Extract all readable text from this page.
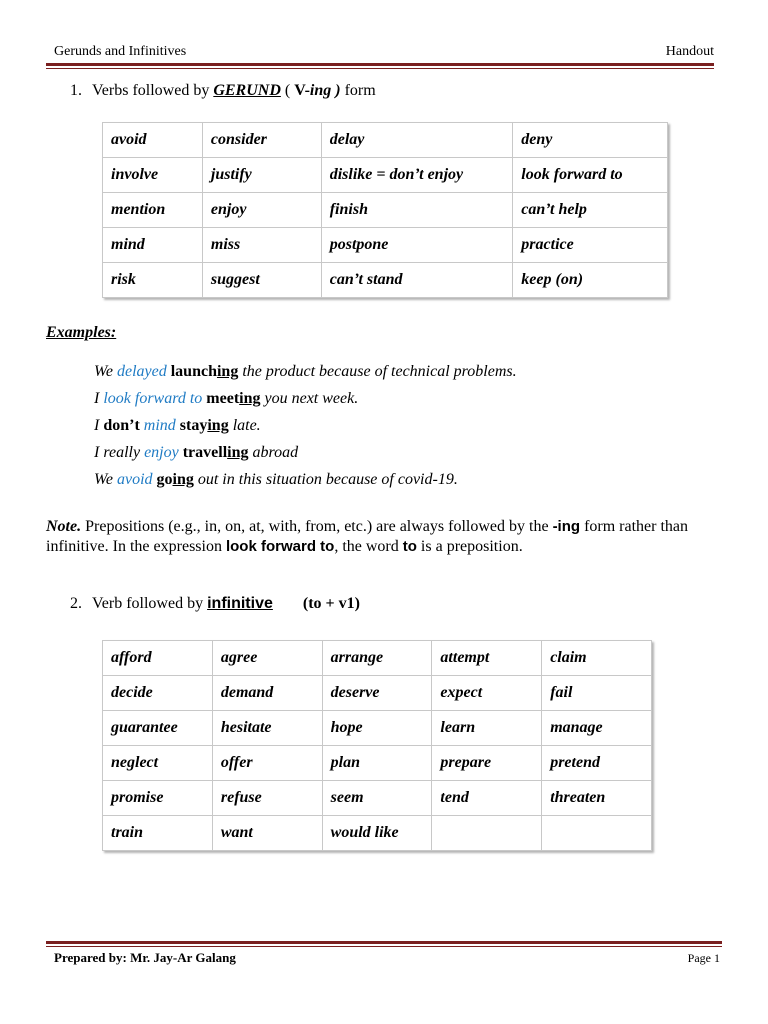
Gerunds and Infinitives	Handout
1. Verbs followed by GERUND ( V-ing ) form
avoid	consider	delay	deny
involve	justify	dislike = don’t enjoy	look forward to
mention	enjoy	finish	can’t help
mind	miss	postpone	practice
risk	suggest	can’t stand	keep (on)
Examples:
We delayed launching the product because of technical problems.
I look forward to meeting you next week.
I don’t mind staying late.
I really enjoy travelling abroad
We avoid going out in this situation because of covid-19.
Note. Prepositions (e.g., in, on, at, with, from, etc.) are always followed by the -ing form rather than infinitive. In the expression look forward to, the word to is a preposition.
2. Verb followed by infinitive (to + v1)
afford	agree	arrange	attempt	claim
decide	demand	deserve	expect	fail
guarantee	hesitate	hope	learn	manage
neglect	offer	plan	prepare	pretend
promise	refuse	seem	tend	threaten
train	want	would like		
Prepared by: Mr. Jay-Ar Galang	Page 1
